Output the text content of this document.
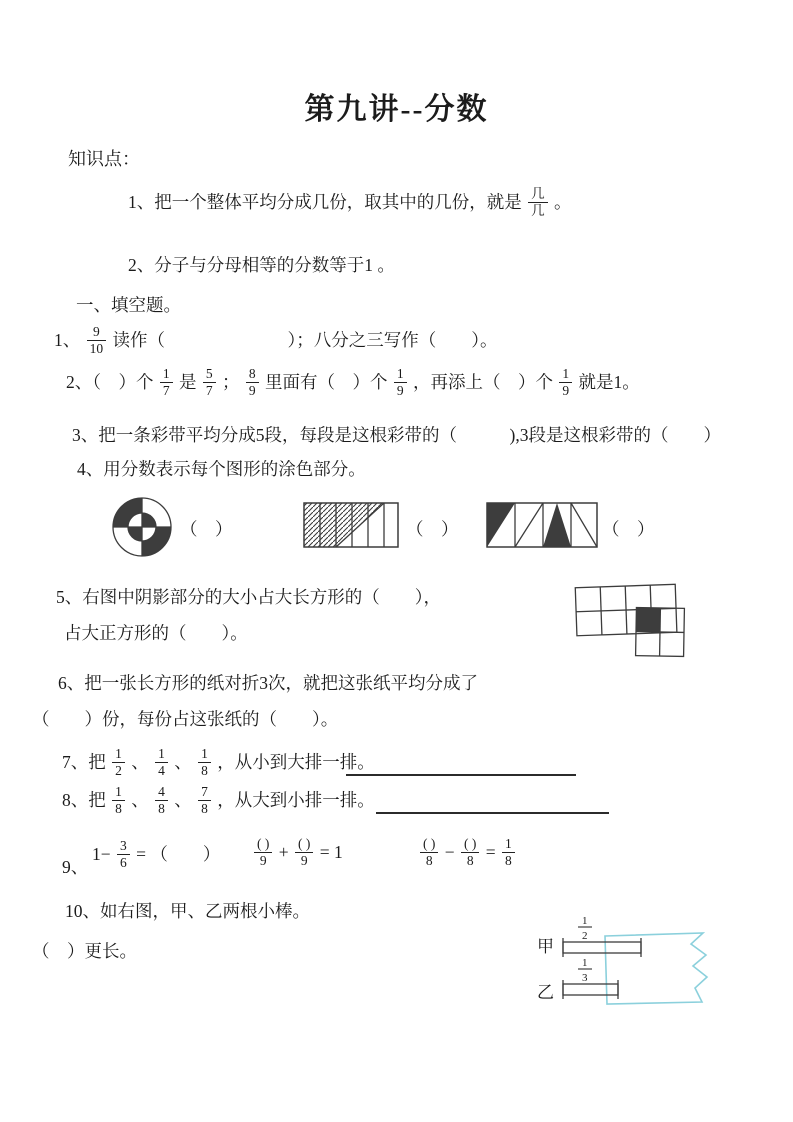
第九讲--分数
知识点：
1、把一个整体平均分成几份，取其中的几份，就是 $\frac{\text{几}}{\text{几}}$ 。
2、分子与分母相等的分数等于1 。
一、填空题。
1、 $\frac{9}{10}$ 读作（　　　　　　　）；八分之三写作（　　）。
2、（　）个 $\frac{1}{7}$ 是 $\frac{5}{7}$ ； $\frac{8}{9}$ 里面有（　）个 $\frac{1}{9}$ ，再添上（　）个 $\frac{1}{9}$ 就是1。
3、把一条彩带平均分成5段，每段是这根彩带的（　　　),3段是这根彩带的（　　）
4、用分数表示每个图形的涂色部分。
（　）	（　）	（　）
5、右图中阴影部分的大小占大长方形的（　　），
占大正方形的（　　）。
6、把一张长方形的纸对折3次，就把这张纸平均分成了
（　　）份，每份占这张纸的（　　）。
7、把 $\frac{1}{2}$ 、 $\frac{1}{4}$ 、 $\frac{1}{8}$ ，从小到大排一排。
8、把 $\frac{1}{8}$ 、 $\frac{4}{8}$ 、 $\frac{7}{8}$ ，从大到小排一排。
9、
$1- \frac{3}{6}$ = （　　） $\frac{( )}{9} + \frac{( )}{9} = 1$	$\frac{( )}{8} - \frac{( )}{8} = \frac{1}{8}$
10、如右图，甲、乙两根小棒。
（　）更长。	甲
1
2
乙
1
3
